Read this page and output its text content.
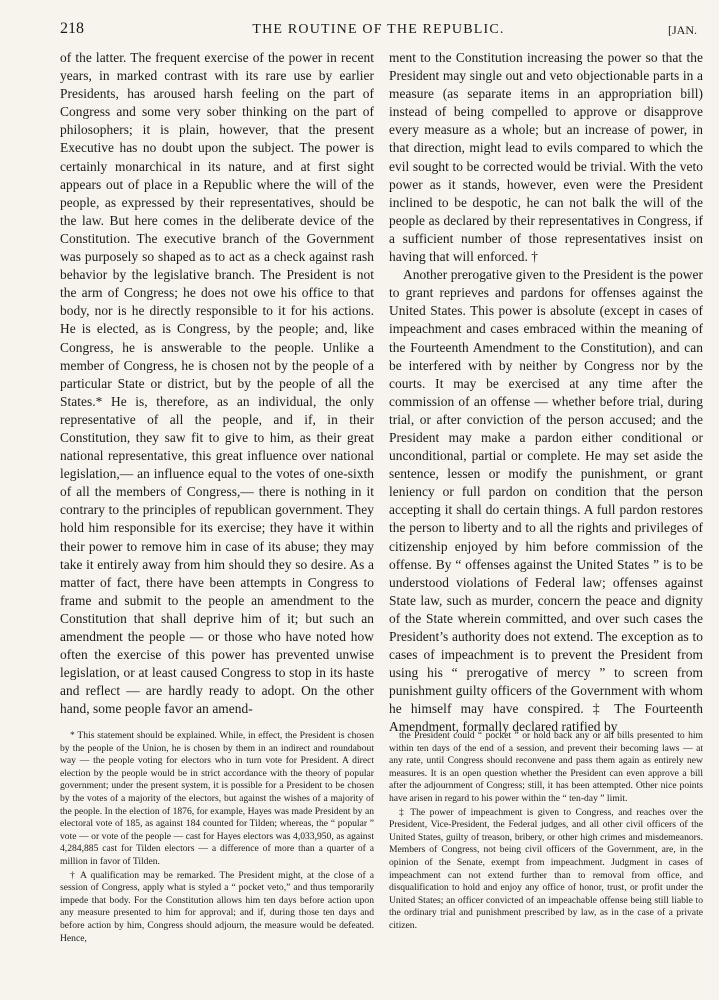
218	THE ROUTINE OF THE REPUBLIC.	[JAN.

of the latter. The frequent exercise of the power in recent years, in marked contrast with its rare use by earlier Presidents, has aroused harsh feeling on the part of Congress and some very sober thinking on the part of philosophers; it is plain, however, that the present Executive has no doubt upon the subject. The power is certainly monarchical in its nature, and at first sight appears out of place in a Republic where the will of the people, as expressed by their representatives, should be the law. But here comes in the deliberate device of the Constitution. The executive branch of the Government was purposely so shaped as to act as a check against rash behavior by the legislative branch. The President is not the arm of Congress; he does not owe his office to that body, nor is he directly responsible to it for his actions. He is elected, as is Congress, by the people; and, like Congress, he is answerable to the people. Unlike a member of Congress, he is chosen not by the people of a particular State or district, but by the people of all the States.* He is, therefore, as an individual, the only representative of all the people, and if, in their Constitution, they saw fit to give to him, as their great national representative, this great influence over national legislation,— an influence equal to the votes of one-sixth of all the members of Congress,— there is nothing in it contrary to the principles of republican government. They hold him responsible for its exercise; they have it within their power to remove him in case of its abuse; they may take it entirely away from him should they so desire. As a matter of fact, there have been attempts in Congress to frame and submit to the people an amendment to the Constitution that shall deprive him of it; but such an amendment the people — or those who have noted how often the exercise of this power has prevented unwise legislation, or at least caused Congress to stop in its haste and reflect — are hardly ready to adopt. On the other hand, some people favor an amend-

ment to the Constitution increasing the power so that the President may single out and veto objectionable parts in a measure (as separate items in an appropriation bill) instead of being compelled to approve or disapprove every measure as a whole; but an increase of power, in that direction, might lead to evils compared to which the evil sought to be corrected would be trivial. With the veto power as it stands, however, even were the President inclined to be despotic, he can not balk the will of the people as declared by their representatives in Congress, if a sufficient number of those representatives insist on having that will enforced. †

Another prerogative given to the President is the power to grant reprieves and pardons for offenses against the United States. This power is absolute (except in cases of impeachment and cases embraced within the meaning of the Fourteenth Amendment to the Constitution), and can be interfered with by neither by Congress nor by the courts. It may be exercised at any time after the commission of an offense — whether before trial, during trial, or after conviction of the person accused; and the President may make a pardon either conditional or unconditional, partial or complete. He may set aside the sentence, lessen or modify the punishment, or grant leniency or full pardon on condition that the person accepting it shall do certain things. A full pardon restores the person to liberty and to all the rights and privileges of citizenship enjoyed by him before commission of the offense. By “ offenses against the United States ” is to be understood violations of Federal law; offenses against State law, such as murder, concern the peace and dignity of the State wherein committed, and over such cases the President’s authority does not extend. The exception as to cases of impeachment is to prevent the President from using his “ prerogative of mercy ” to screen from punishment guilty officers of the Government with whom he himself may have conspired. ‡ The Fourteenth Amendment, formally declared ratified by

* This statement should be explained. While, in effect, the President is chosen by the people of the Union, he is chosen by them in an indirect and roundabout way — the people voting for electors who in turn vote for President. A direct election by the people would be in strict accordance with the theory of popular government; under the present system, it is possible for a President to be chosen by the votes of a majority of the electors, but against the wishes of a majority of the people. In the election of 1876, for example, Hayes was made President by an electoral vote of 185, as against 184 counted for Tilden; whereas, the “ popular ” vote — or vote of the people — cast for Hayes electors was 4,033,950, as against 4,284,885 cast for Tilden electors — a difference of more than a quarter of a million in favor of Tilden.

† A qualification may be remarked. The President might, at the close of a session of Congress, apply what is styled a “ pocket veto,” and thus temporarily impede that body. For the Constitution allows him ten days before action upon any measure presented to him for approval; and if, during those ten days and before action by him, Congress should adjourn, the measure would be defeated. Hence,

the President could “ pocket ” or hold back any or all bills presented to him within ten days of the end of a session, and prevent their becoming laws — at any rate, until Congress should reconvene and pass them again as entirely new measures. It is an open question whether the President can even approve a bill after the adjournment of Congress; still, it has been attempted. Other nice points have arisen in regard to his power within the “ ten-day ” limit.

‡ The power of impeachment is given to Congress, and reaches over the President, Vice-President, the Federal judges, and all other civil officers of the United States, guilty of treason, bribery, or other high crimes and misdemeanors. Members of Congress, not being civil officers of the Government, are, in the opinion of the Senate, exempt from impeachment. Judgment in cases of impeachment can not extend further than to removal from office, and disqualification to hold and enjoy any office of honor, trust, or profit under the United States; an officer convicted of an impeachable offense being still liable to the ordinary trial and punishment prescribed by law, as in the case of a private citizen.
